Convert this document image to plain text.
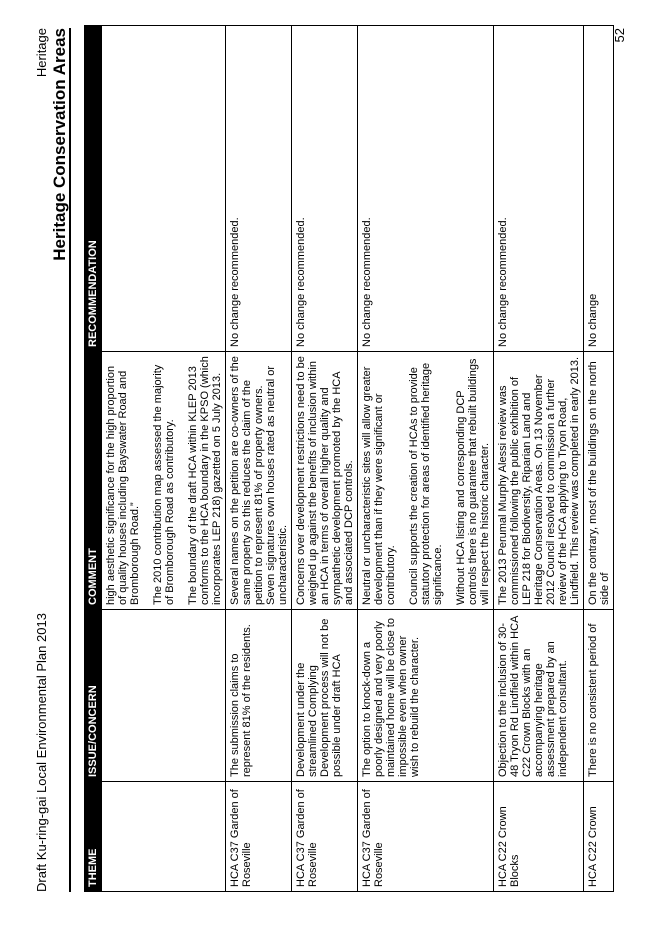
Draft Ku-ring-gai Local Environmental Plan 2013
Heritage Heritage Conservation Areas
THEME	ISSUE/CONCERN	COMMENT	RECOMMENDATION

		high aesthetic significance for the high proportion of quality houses including Bayswater Road and Bromborough Road.” The 2010 contribution map assessed the majority of Bromborough Road as contributory. The boundary of the draft HCA within KLEP 2013 conforms to the HCA boundary in the KPSO (which incorporates LEP 218) gazetted on 5 July 2013.	

HCA C37 Garden of Roseville	The submission claims to represent 81% of the residents.	Several names on the petition are co-owners of the same property so this reduces the claim of the petition to represent 81% of property owners. Seven signatures own houses rated as neutral or uncharacteristic.	No change recommended.
HCA C37 Garden of Roseville	Development under the streamlined Complying Development process will not be possible under draft HCA	Concerns over development restrictions need to be weighed up against the benefits of inclusion within an HCA in terms of overall higher quality and sympathetic development promoted by the HCA and associated DCP controls.	No change recommended.
HCA C37 Garden of Roseville	The option to knock-down a poorly designed and very poorly maintained home will be close to impossible even when owner wish to rebuild the character.	Neutral or uncharacteristic sites will allow greater development than if they were significant or contributory. Council supports the creation of HCAs to provide statutory protection for areas of identified heritage significance. Without HCA listing and corresponding DCP controls there is no guarantee that rebuilt buildings will respect the historic character.	No change recommended.
HCA C22 Crown Blocks	Objection to the inclusion of 30-48 Tryon Rd Lindfield within HCA C22 Crown Blocks with an accompanying heritage assessment prepared by an independent consultant.	The 2013 Perumal Murphy Alessi review was commissioned following the public exhibition of LEP 218 for Biodiversity, Riparian Land and Heritage Conservation Areas. On 13 November 2012 Council resolved to commission a further review of the HCA applying to Tryon Road, Lindfield. This review was completed in early 2013.	No change recommended.
HCA C22 Crown	There is no consistent period of	On the contrary, most of the buildings on the north side of	No change
52
